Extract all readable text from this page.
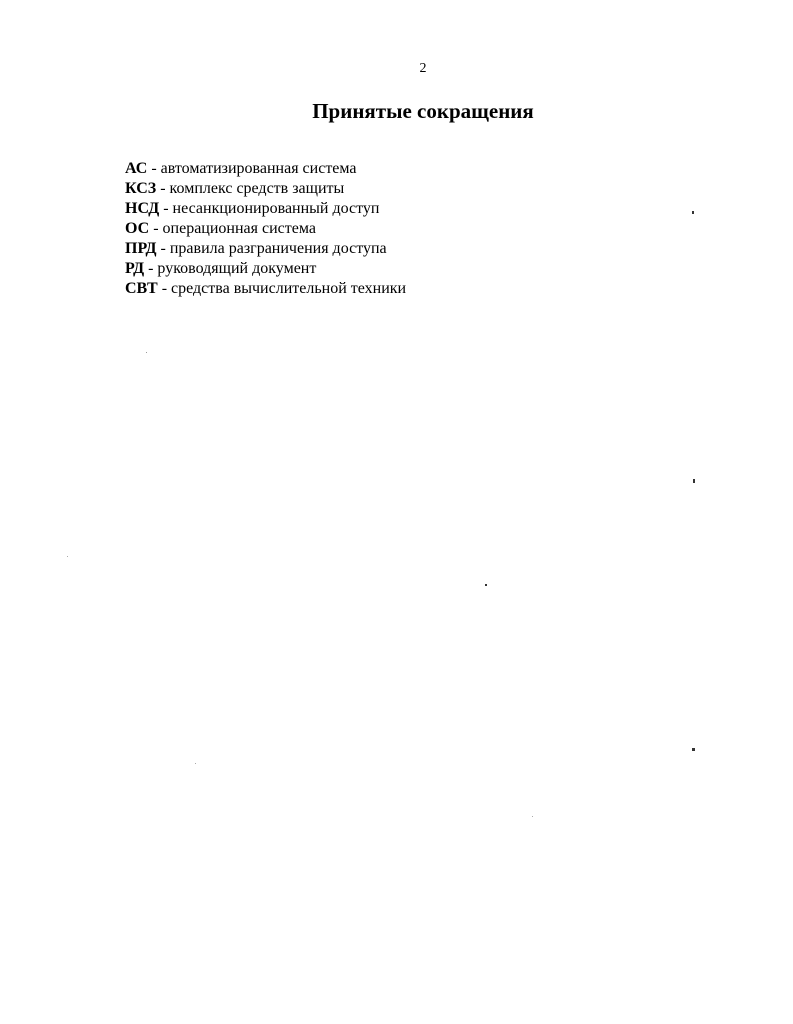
2
Принятые сокращения
АС - автоматизированная система
КСЗ - комплекс средств защиты
НСД - несанкционированный доступ
ОС - операционная система
ПРД - правила разграничения доступа
РД - руководящий документ
СВТ - средства вычислительной техники
